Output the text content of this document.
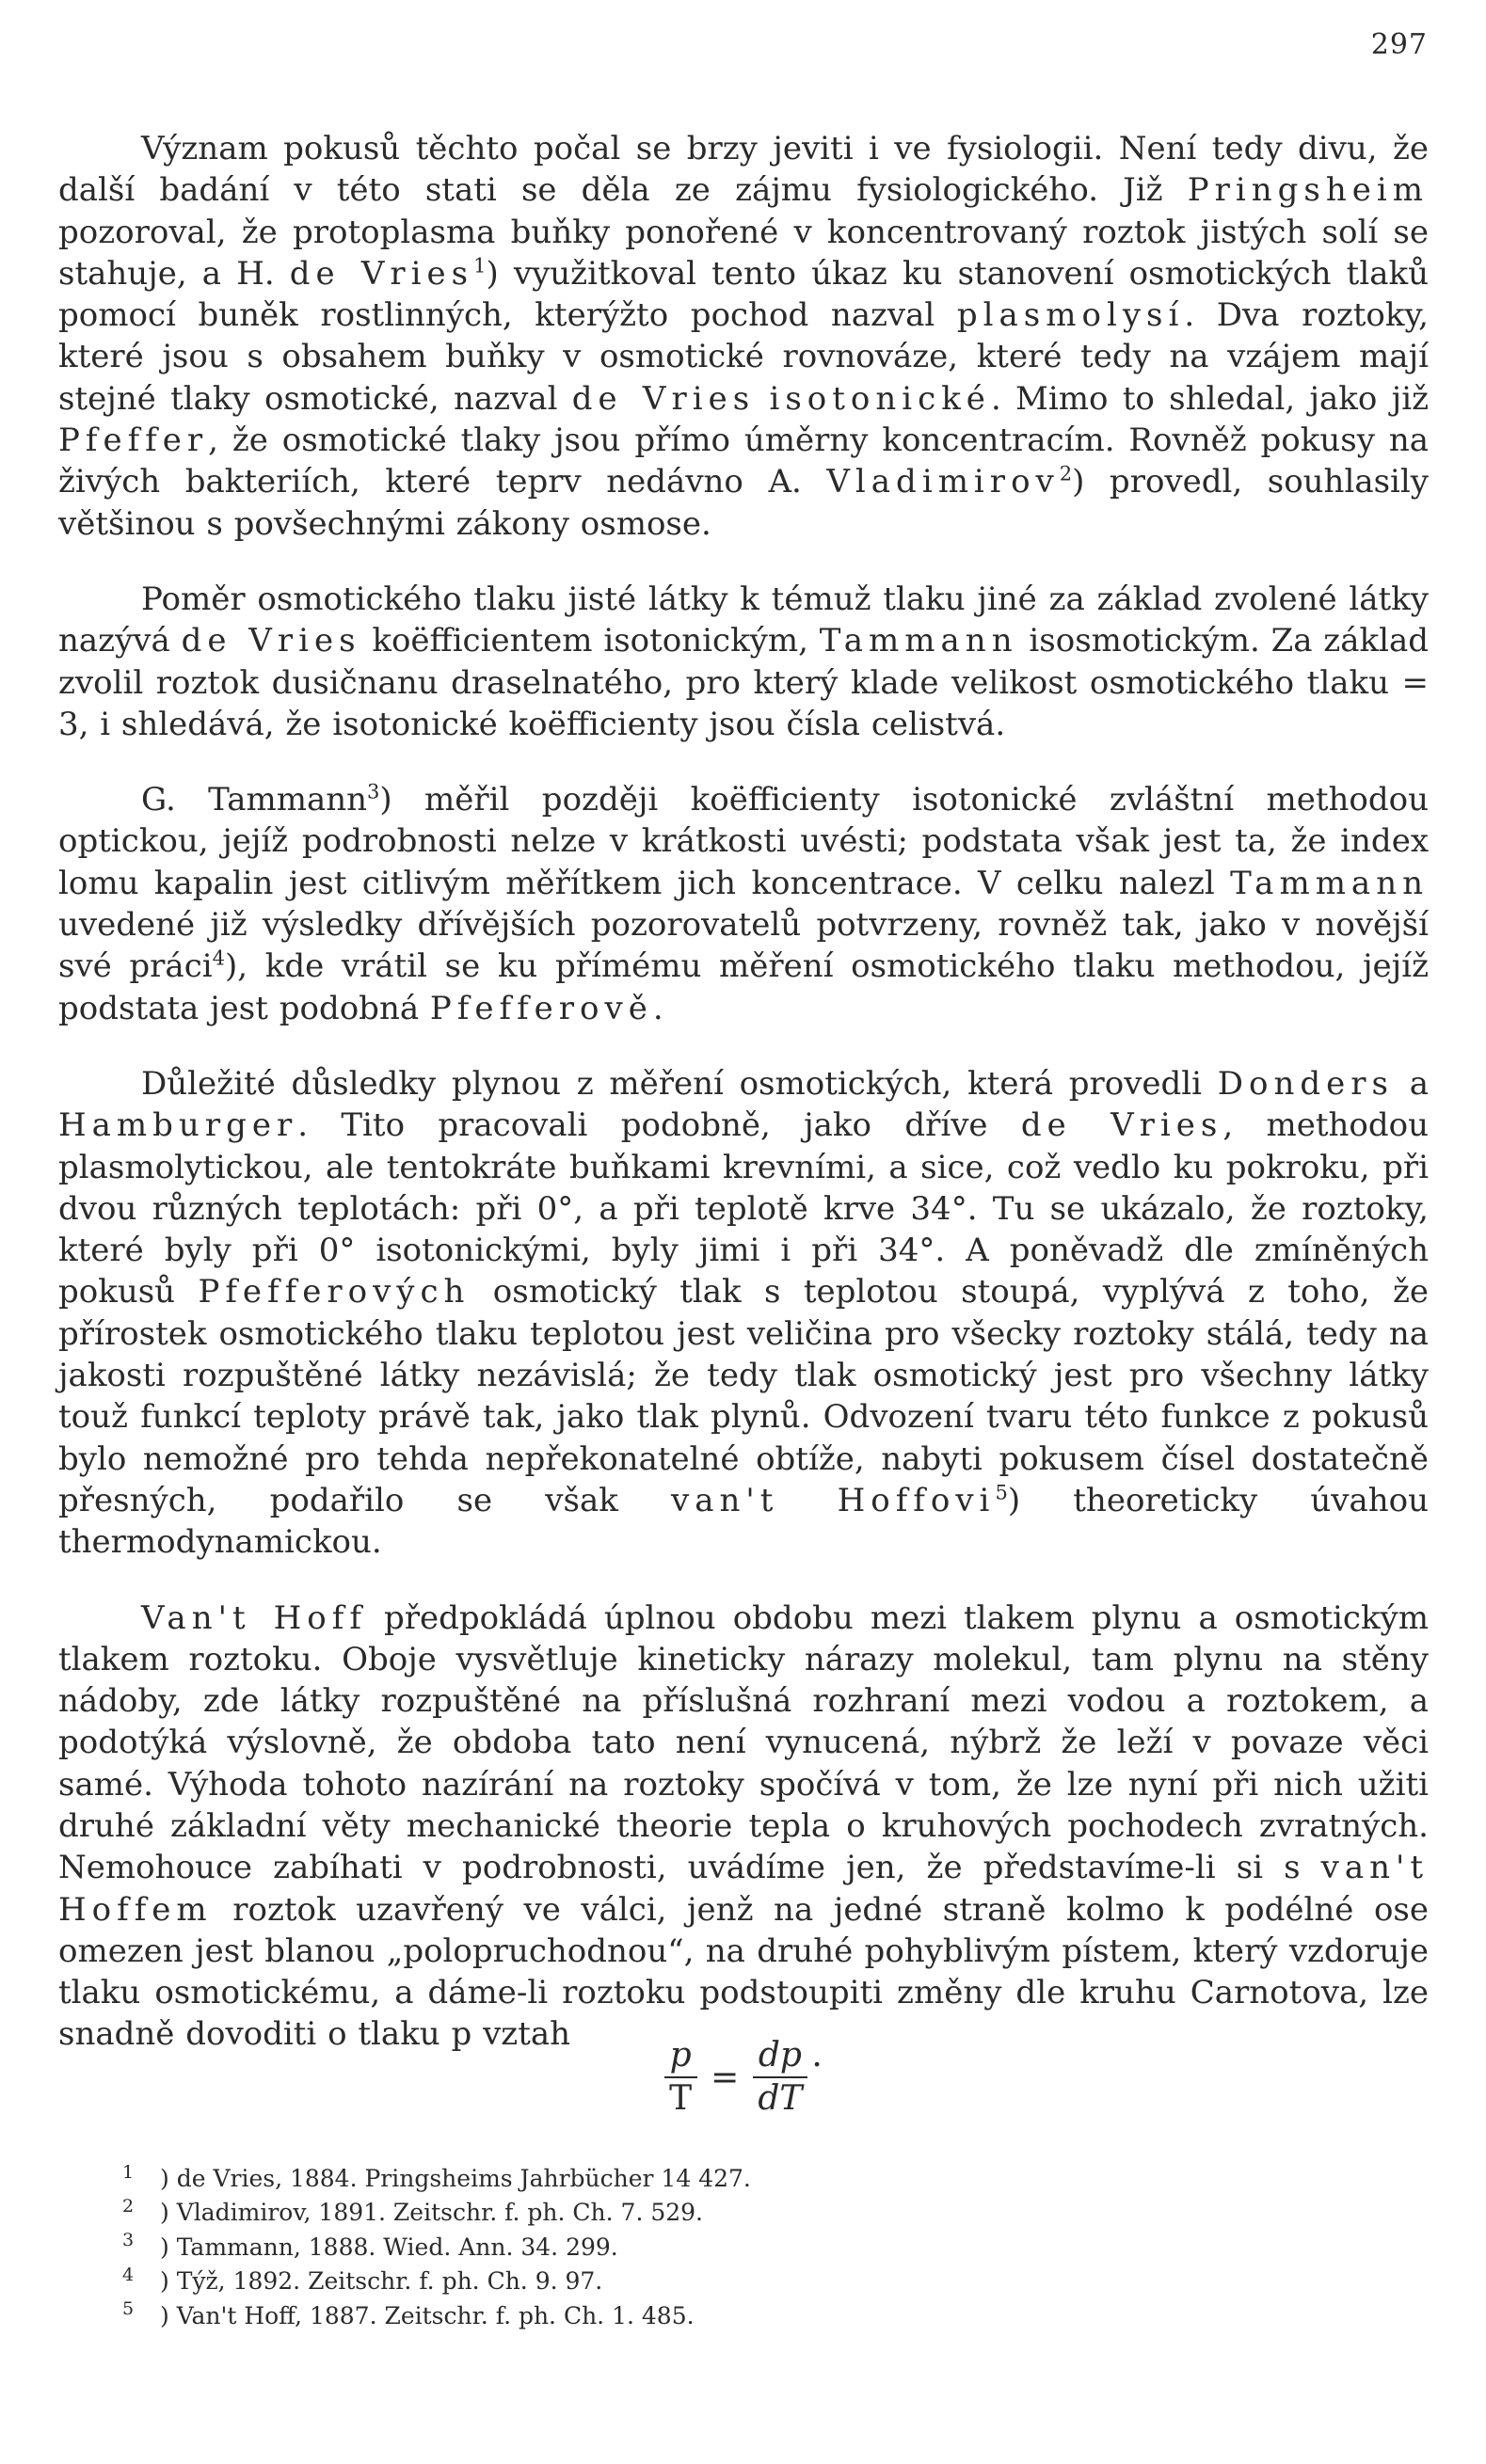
297

Význam pokusů těchto počal se brzy jeviti i ve fysiologii. Není tedy divu, že další badání v této stati se děla ze zájmu fysiologického. Již Pringsheim pozoroval, že protoplasma buňky ponořené v koncentrovaný roztok jistých solí se stahuje, a H. de Vries$^1$) využitkoval tento úkaz ku stanovení osmotických tlaků pomocí buněk rostlinných, kterýžto pochod nazval plasmolysí. Dva roztoky, které jsou s obsahem buňky v osmotické rovnováze, které tedy na vzájem mají stejné tlaky osmotické, nazval de Vries isotonické. Mimo to shledal, jako již Pfeffer, že osmotické tlaky jsou přímo úměrny koncentracím. Rovněž pokusy na živých bakteriích, které teprv nedávno A. Vladimirov$^2$) provedl, souhlasily většinou s povšechnými zákony osmose.

Poměr osmotického tlaku jisté látky k témuž tlaku jiné za základ zvolené látky nazývá de Vries koëfficientem isotonickým, Tammann isosmotickým. Za základ zvolil roztok dusičnanu draselnatého, pro který klade velikost osmotického tlaku = 3, i shledává, že isotonické koëfficienty jsou čísla celistvá.

G. Tammann$^3$) měřil později koëfficienty isotonické zvláštní methodou optickou, jejíž podrobnosti nelze v krátkosti uvésti; podstata však jest ta, že index lomu kapalin jest citlivým měřítkem jich koncentrace. V celku nalezl Tammann uvedené již výsledky dřívějších pozorovatelů potvrzeny, rovněž tak, jako v novější své práci$^4$), kde vrátil se ku přímému měření osmotického tlaku methodou, jejíž podstata jest podobná Pfefferově.

Důležité důsledky plynou z měření osmotických, která provedli Donders a Hamburger. Tito pracovali podobně, jako dříve de Vries, methodou plasmolytickou, ale tentokráte buňkami krevními, a sice, což vedlo ku pokroku, při dvou různých teplotách: při 0°, a při teplotě krve 34°. Tu se ukázalo, že roztoky, které byly při 0° isotonickými, byly jimi i při 34°. A poněvadž dle zmíněných pokusů Pfefferových osmotický tlak s teplotou stoupá, vyplývá z toho, že přírostek osmotického tlaku teplotou jest veličina pro všecky roztoky stálá, tedy na jakosti rozpuštěné látky nezávislá; že tedy tlak osmotický jest pro všechny látky touž funkcí teploty právě tak, jako tlak plynů. Odvození tvaru této funkce z pokusů bylo nemožné pro tehda nepřekonatelné obtíže, nabyti pokusem čísel dostatečně přesných, podařilo se však van't Hoffovi$^5$) theoreticky úvahou thermodynamickou.

Van't Hoff předpokládá úplnou obdobu mezi tlakem plynu a osmotickým tlakem roztoku. Oboje vysvětluje kineticky nárazy molekul, tam plynu na stěny nádoby, zde látky rozpuštěné na příslušná rozhraní mezi vodou a roztokem, a podotýká výslovně, že obdoba tato není vynucená, nýbrž že leží v povaze věci samé. Výhoda tohoto nazírání na roztoky spočívá v tom, že lze nyní při nich užiti druhé základní věty mechanické theorie tepla o kruhových pochodech zvratných. Nemohouce zabíhati v podrobnosti, uvádíme jen, že představíme-li si s van't Hoffem roztok uzavřený ve válci, jenž na jedné straně kolmo k podélné ose omezen jest blanou „polopruchodnou“, na druhé pohyblivým pístem, který vzdoruje tlaku osmotickému, a dáme-li roztoku podstoupiti změny dle kruhu Carnotova, lze snadně dovoditi o tlaku p vztah

$\frac{p}{T} = \frac{dp}{dT}$ .
1 ) de Vries, 1884. Pringsheims Jahrbücher 14 427.
2 ) Vladimirov, 1891. Zeitschr. f. ph. Ch. 7. 529.
3 ) Tammann, 1888. Wied. Ann. 34. 299.
4 ) Týž, 1892. Zeitschr. f. ph. Ch. 9. 97.
5 ) Van't Hoff, 1887. Zeitschr. f. ph. Ch. 1. 485.
